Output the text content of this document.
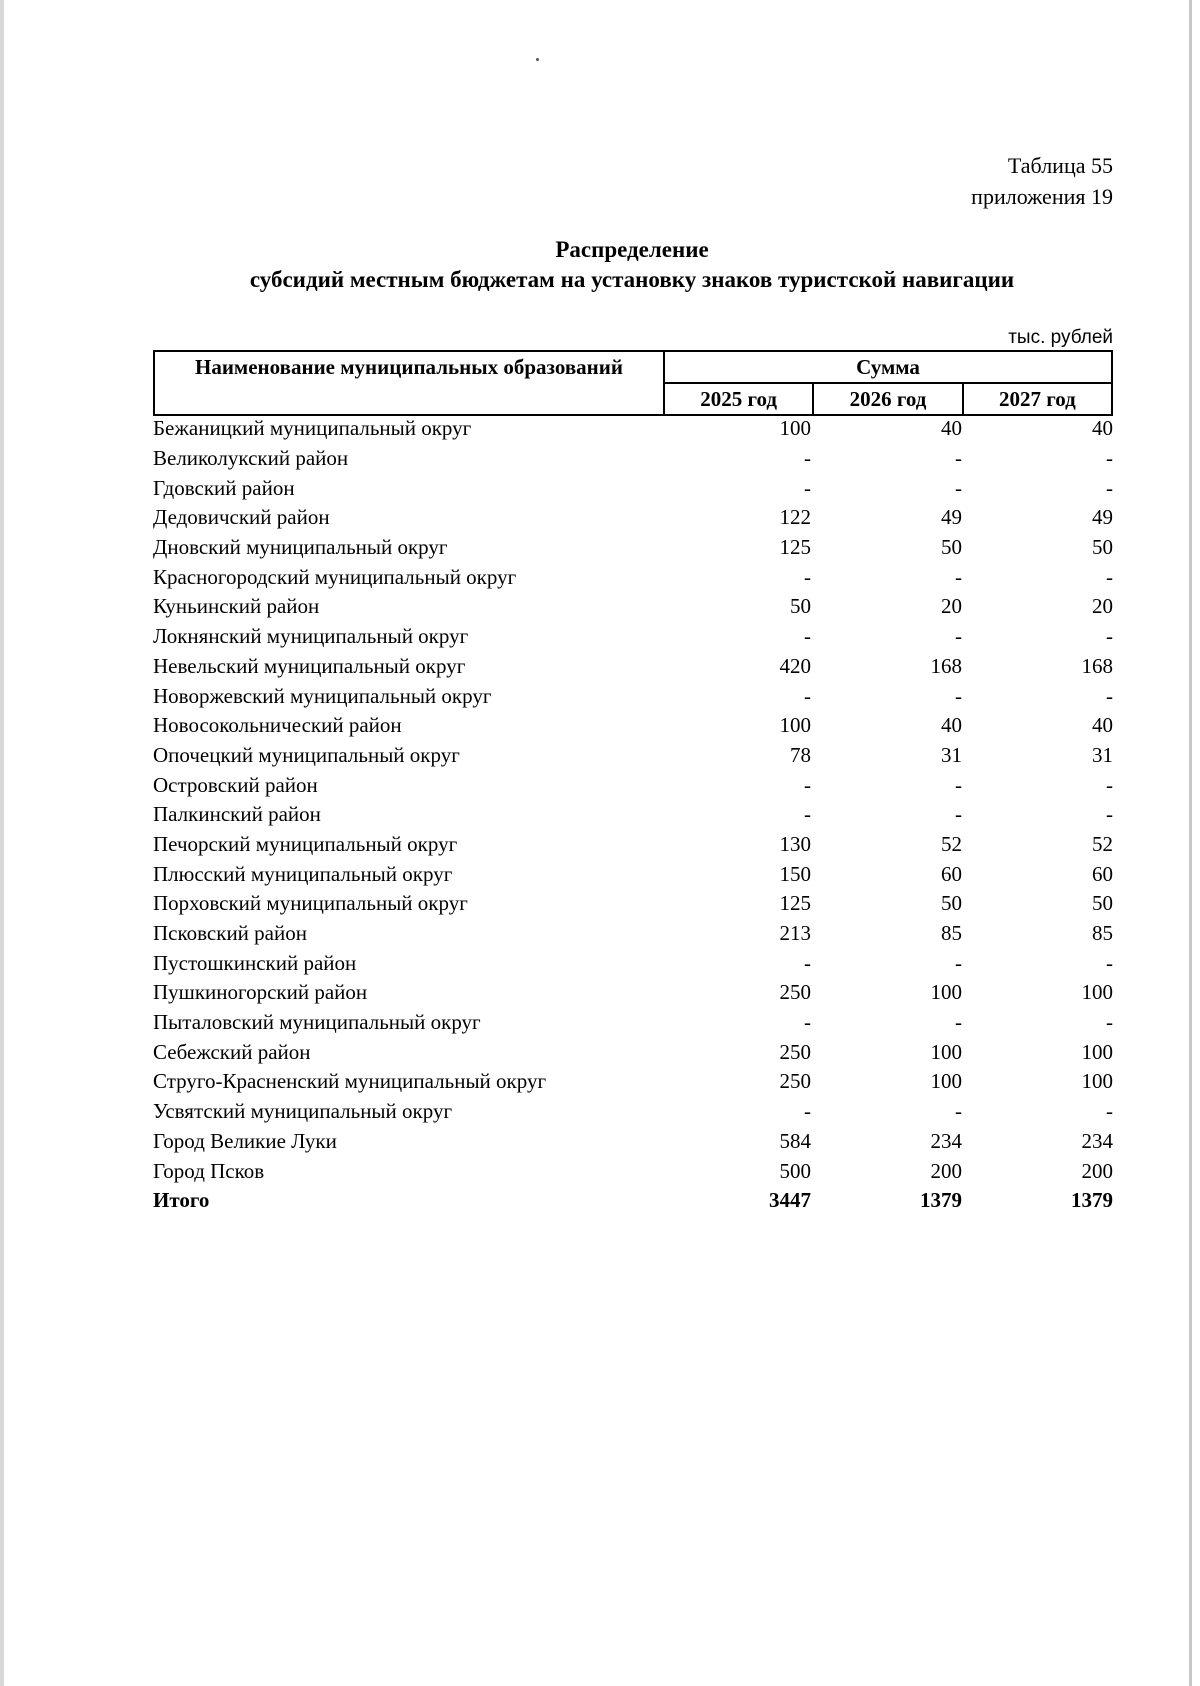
Таблица 55
приложения 19
Распределение
субсидий местным бюджетам на установку знаков туристской навигации
тыс. рублей
Наименование муниципальных образований	Сумма		
	2025 год	2026 год	2027 год
Бежаницкий муниципальный округ	100	40	40
Великолукский район	-	-	-
Гдовский район	-	-	-
Дедовичский район	122	49	49
Дновский муниципальный округ	125	50	50
Красногородский муниципальный округ	-	-	-
Куньинский район	50	20	20
Локнянский муниципальный округ	-	-	-
Невельский муниципальный округ	420	168	168
Новоржевский муниципальный округ	-	-	-
Новосокольнический район	100	40	40
Опочецкий муниципальный округ	78	31	31
Островский район	-	-	-
Палкинский район	-	-	-
Печорский муниципальный округ	130	52	52
Плюсский муниципальный округ	150	60	60
Порховский муниципальный округ	125	50	50
Псковский район	213	85	85
Пустошкинский район	-	-	-
Пушкиногорский район	250	100	100
Пыталовский муниципальный округ	-	-	-
Себежский район	250	100	100
Струго-Красненский муниципальный округ	250	100	100
Усвятский муниципальный округ	-	-	-
Город Великие Луки	584	234	234
Город Псков	500	200	200
Итого	3447	1379	1379
